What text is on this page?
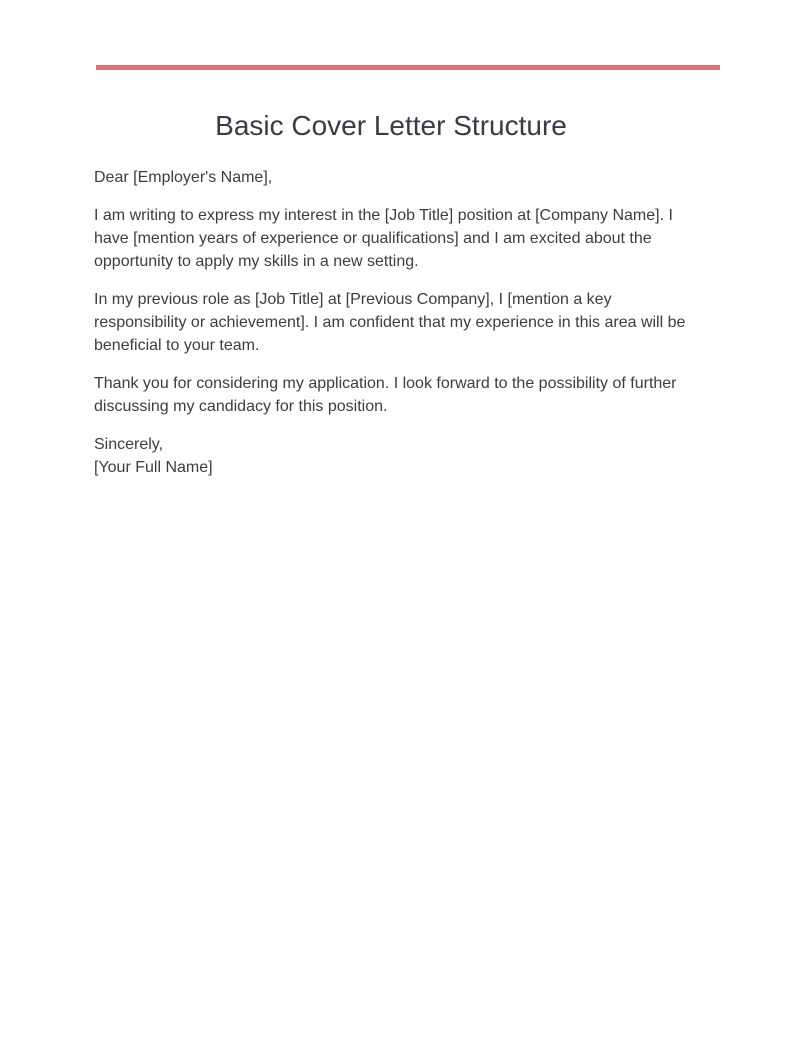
Basic Cover Letter Structure

Dear [Employer's Name],

I am writing to express my interest in the [Job Title] position at [Company Name]. I have [mention years of experience or qualifications] and I am excited about the opportunity to apply my skills in a new setting.

In my previous role as [Job Title] at [Previous Company], I [mention a key responsibility or achievement]. I am confident that my experience in this area will be beneficial to your team.

Thank you for considering my application. I look forward to the possibility of further discussing my candidacy for this position.

Sincerely,
[Your Full Name]
